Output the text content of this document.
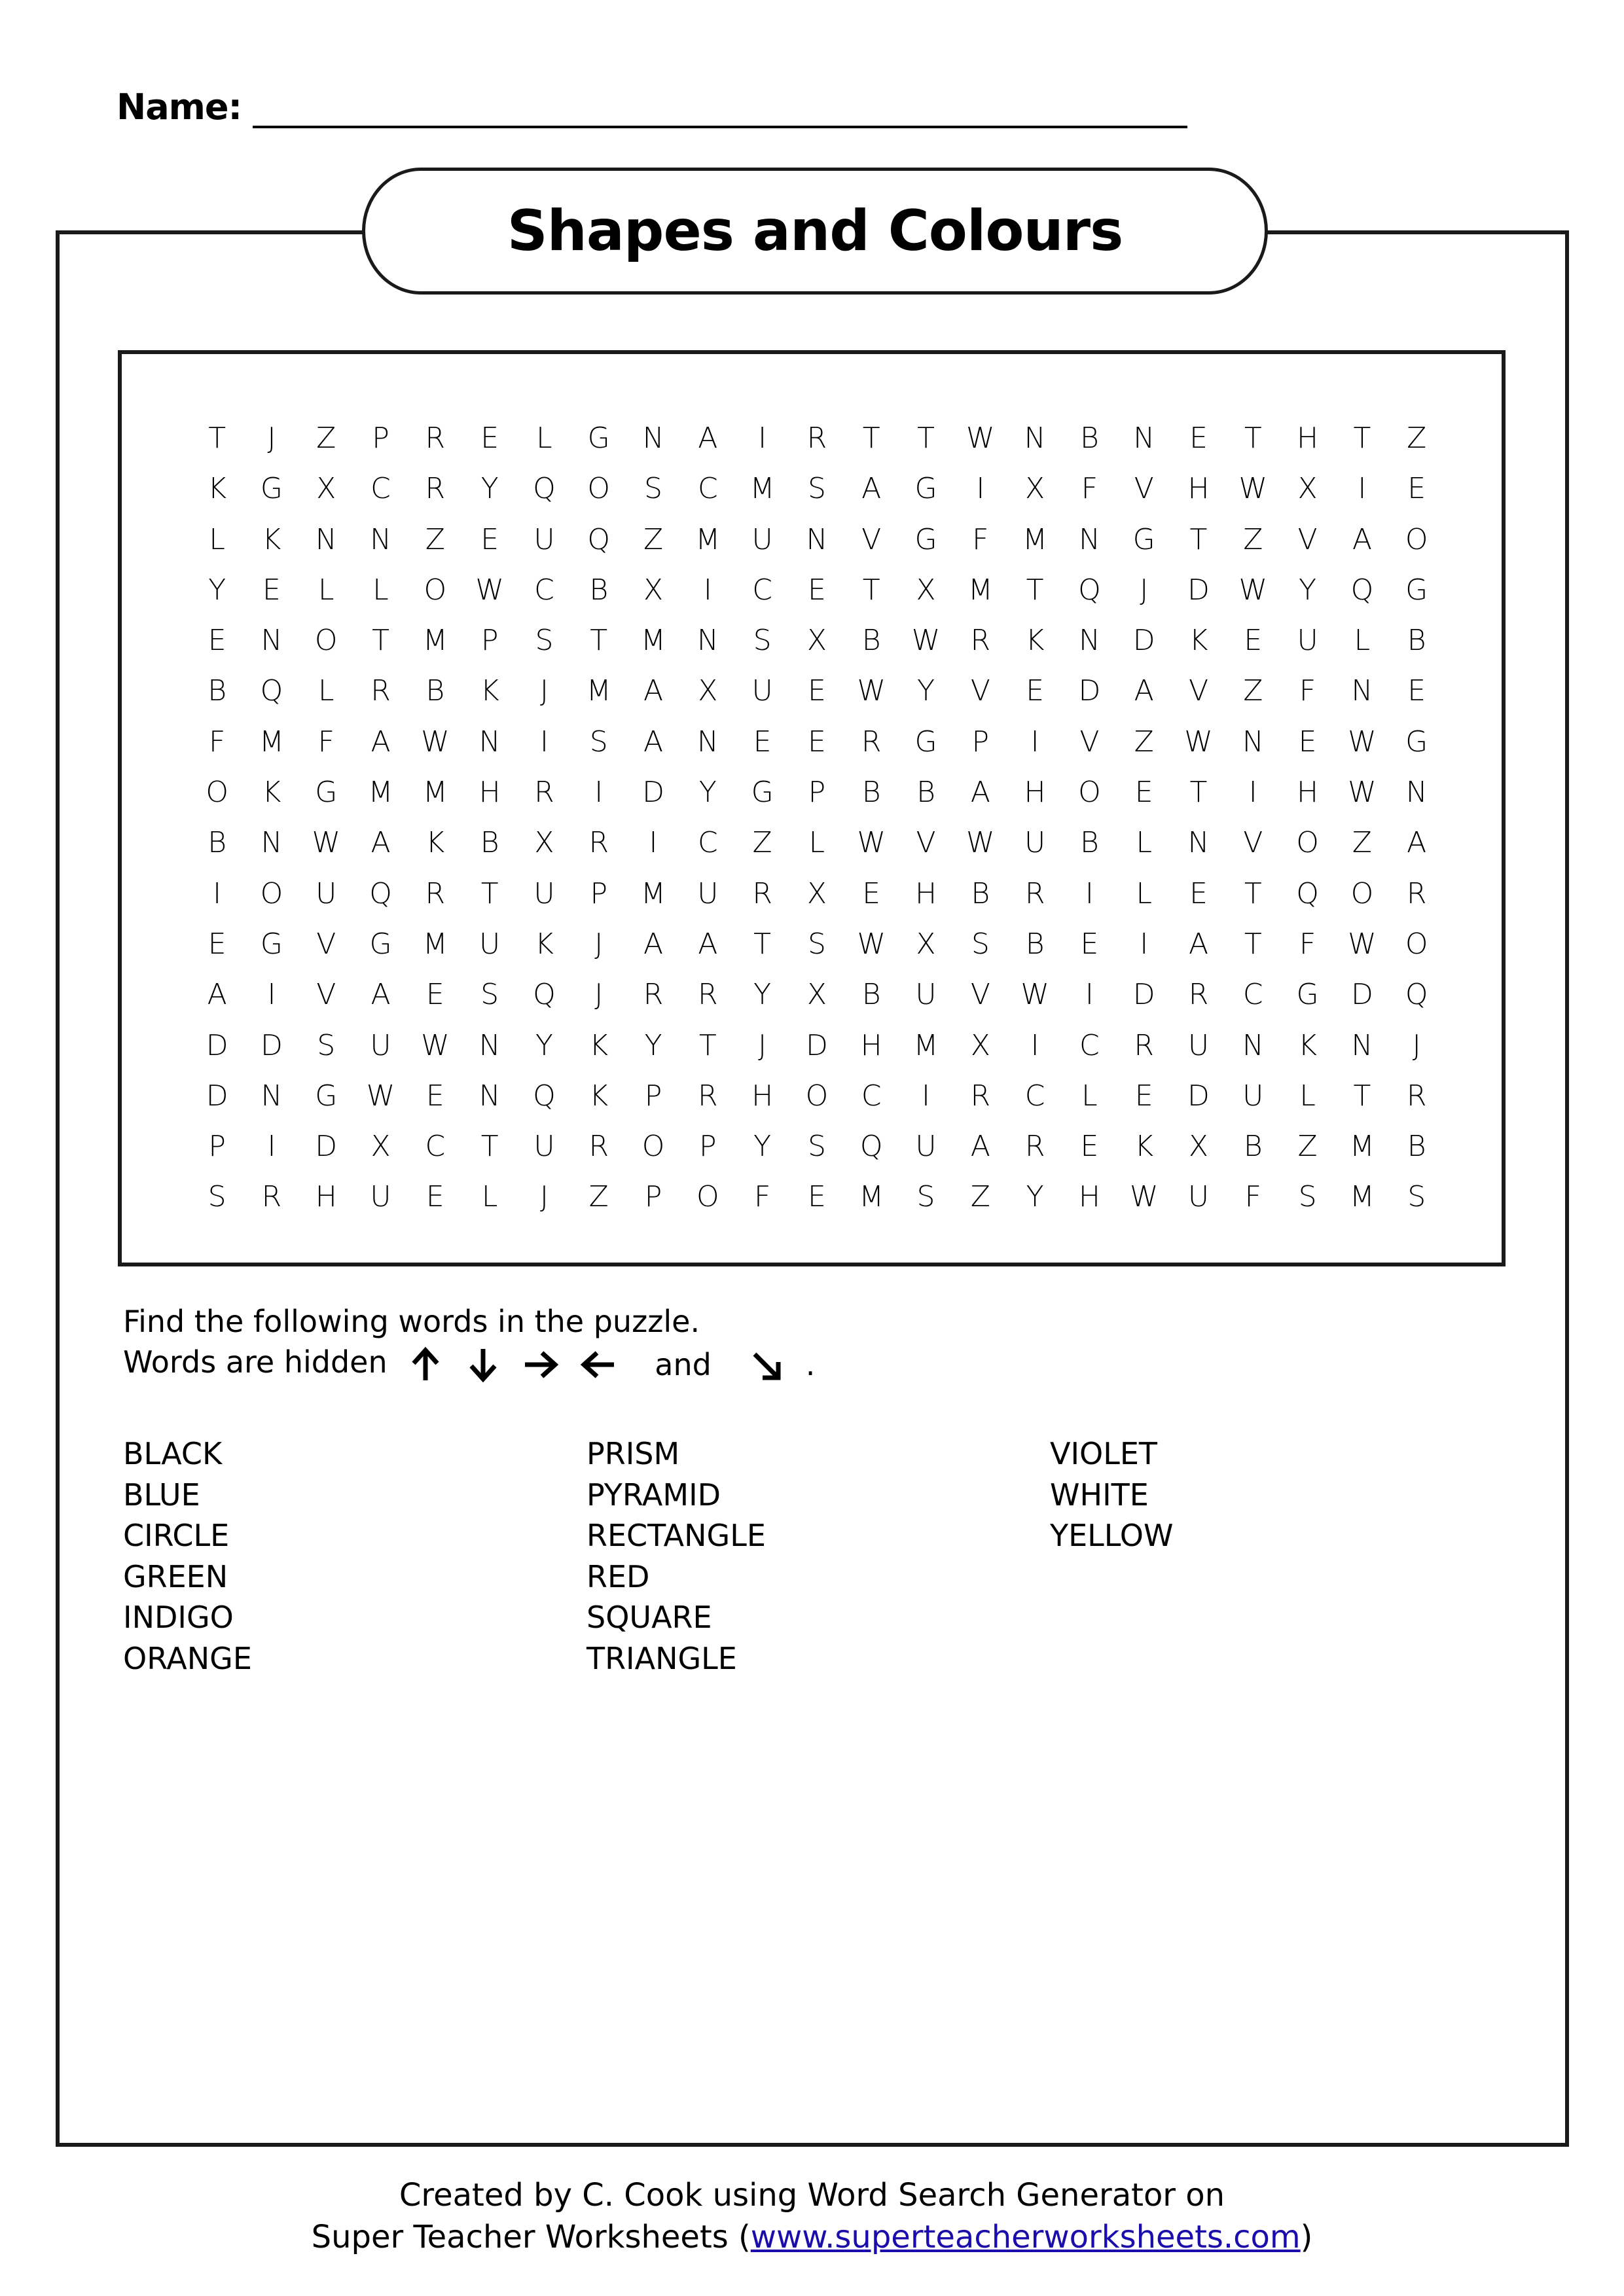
Name:
Shapes and Colours
T	J	Z	P	R	E	L	G	N	A	I	R	T	T	W	N	B	N	E	T	H	T	Z
K	G	X	C	R	Y	Q	O	S	C	M	S	A	G	I	X	F	V	H	W	X	I	E
L	K	N	N	Z	E	U	Q	Z	M	U	N	V	G	F	M	N	G	T	Z	V	A	O
Y	E	L	L	O	W	C	B	X	I	C	E	T	X	M	T	Q	J	D	W	Y	Q	G
E	N	O	T	M	P	S	T	M	N	S	X	B	W	R	K	N	D	K	E	U	L	B
B	Q	L	R	B	K	J	M	A	X	U	E	W	Y	V	E	D	A	V	Z	F	N	E
F	M	F	A	W	N	I	S	A	N	E	E	R	G	P	I	V	Z	W	N	E	W	G
O	K	G	M	M	H	R	I	D	Y	G	P	B	B	A	H	O	E	T	I	H	W	N
B	N	W	A	K	B	X	R	I	C	Z	L	W	V	W	U	B	L	N	V	O	Z	A
I	O	U	Q	R	T	U	P	M	U	R	X	E	H	B	R	I	L	E	T	Q	O	R
E	G	V	G	M	U	K	J	A	A	T	S	W	X	S	B	E	I	A	T	F	W	O
A	I	V	A	E	S	Q	J	R	R	Y	X	B	U	V	W	I	D	R	C	G	D	Q
D	D	S	U	W	N	Y	K	Y	T	J	D	H	M	X	I	C	R	U	N	K	N	J
D	N	G	W	E	N	Q	K	P	R	H	O	C	I	R	C	L	E	D	U	L	T	R
P	I	D	X	C	T	U	R	O	P	Y	S	Q	U	A	R	E	K	X	B	Z	M	B
S	R	H	U	E	L	J	Z	P	O	F	E	M	S	Z	Y	H	W	U	F	S	M	S
Find the following words in the puzzle.
Words are hidden	and	.
BLACK
BLUE
CIRCLE
GREEN
INDIGO
ORANGE
PRISM
PYRAMID
RECTANGLE
RED
SQUARE
TRIANGLE
VIOLET
WHITE
YELLOW
Created by C. Cook using Word Search Generator on
Super Teacher Worksheets (www.superteacherworksheets.com)
